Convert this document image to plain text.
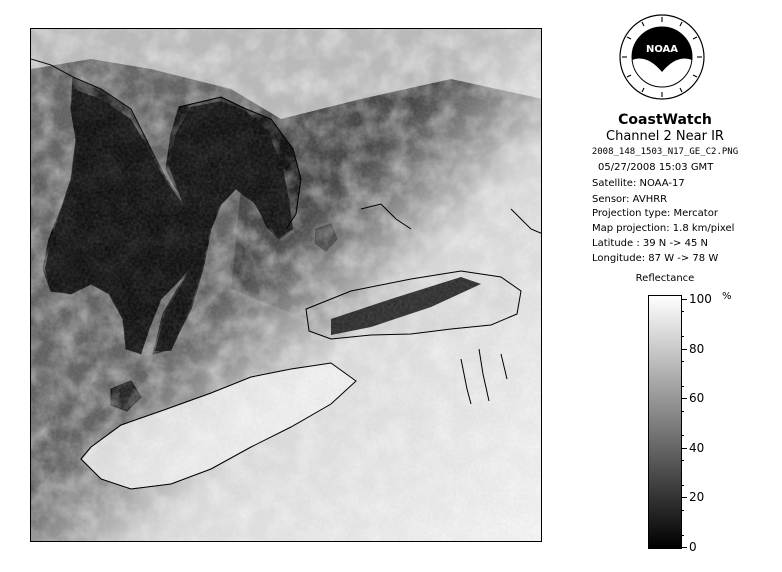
NOAA
CoastWatch
Channel 2 Near IR
2008_148_1503_N17_GE_C2.PNG
05/27/2008 15:03 GMT
Satellite: NOAA-17
Sensor: AVHRR
Projection type: Mercator
Map projection: 1.8 km/pixel
Latitude : 39 N -> 45 N
Longitude: 87 W -> 78 W
Reflectance
%
0
20
40
60
80
100
